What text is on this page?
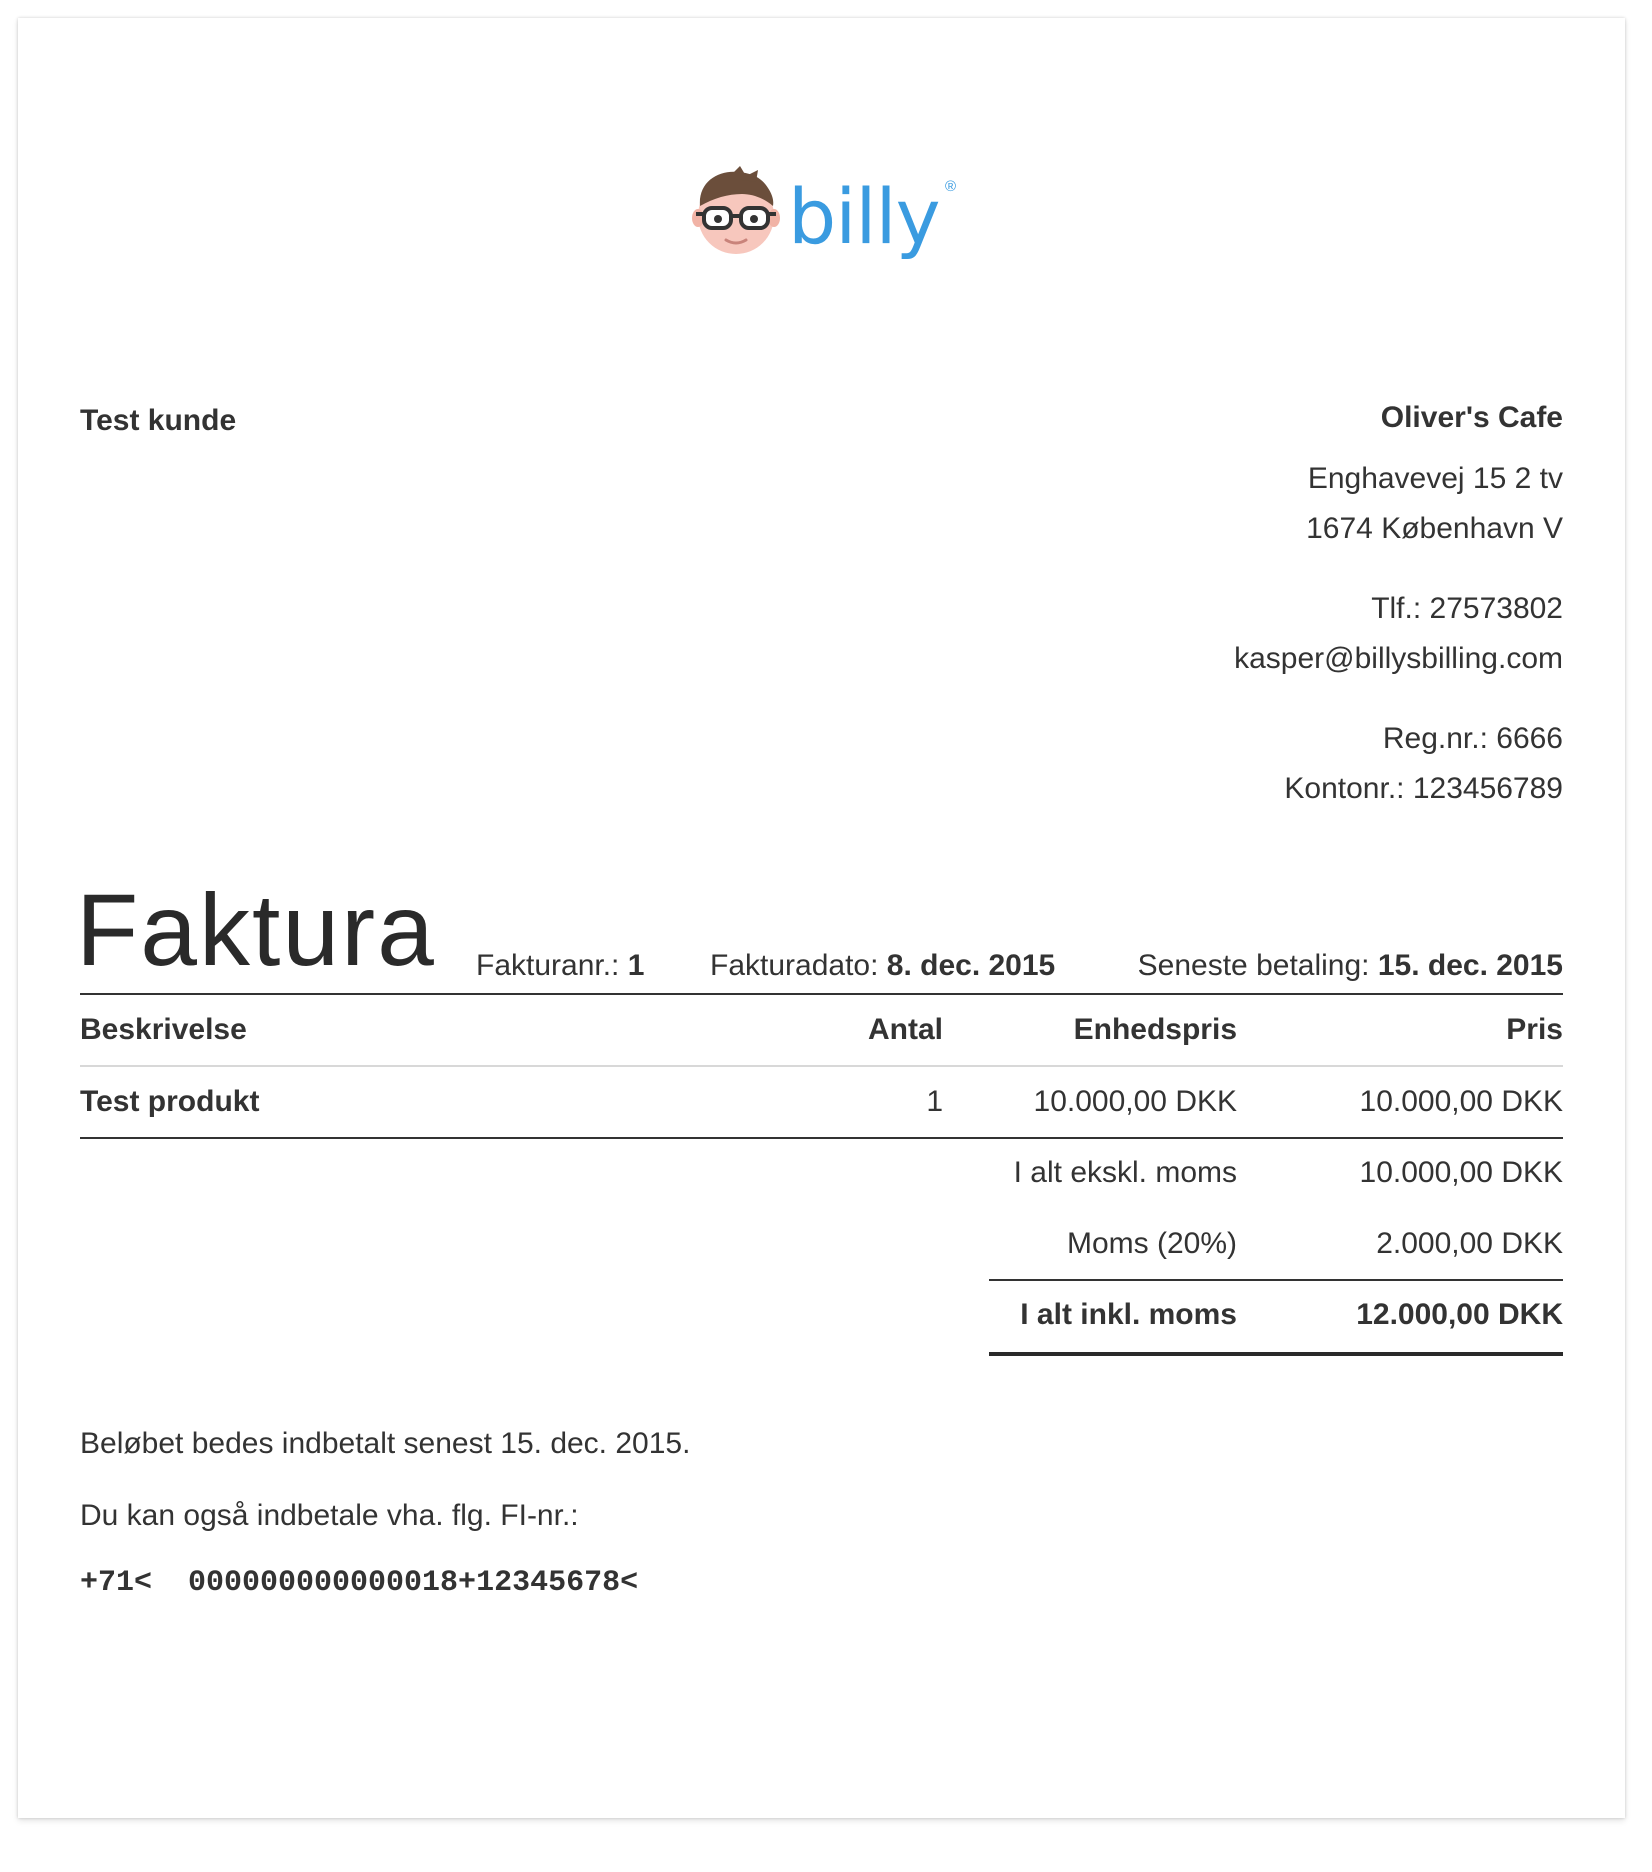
billy ®
Test kunde	Oliver's Cafe
Enghavevej 15 2 tv
1674 København V
Tlf.: 27573802
kasper@billysbilling.com
Reg.nr.: 6666
Kontonr.: 123456789
Faktura Fakturanr.: 1 Fakturadato: 8. dec. 2015	Seneste betaling: 15. dec. 2015
Beskrivelse	Antal	Enhedspris	Pris
Test produkt	1	10.000,00 DKK	10.000,00 DKK
I alt ekskl. moms	10.000,00 DKK
Moms (20%)	2.000,00 DKK
I alt inkl. moms	12.000,00 DKK
Beløbet bedes indbetalt senest 15. dec. 2015.
Du kan også indbetale vha. flg. FI-nr.:
+71<  000000000000018+12345678<
